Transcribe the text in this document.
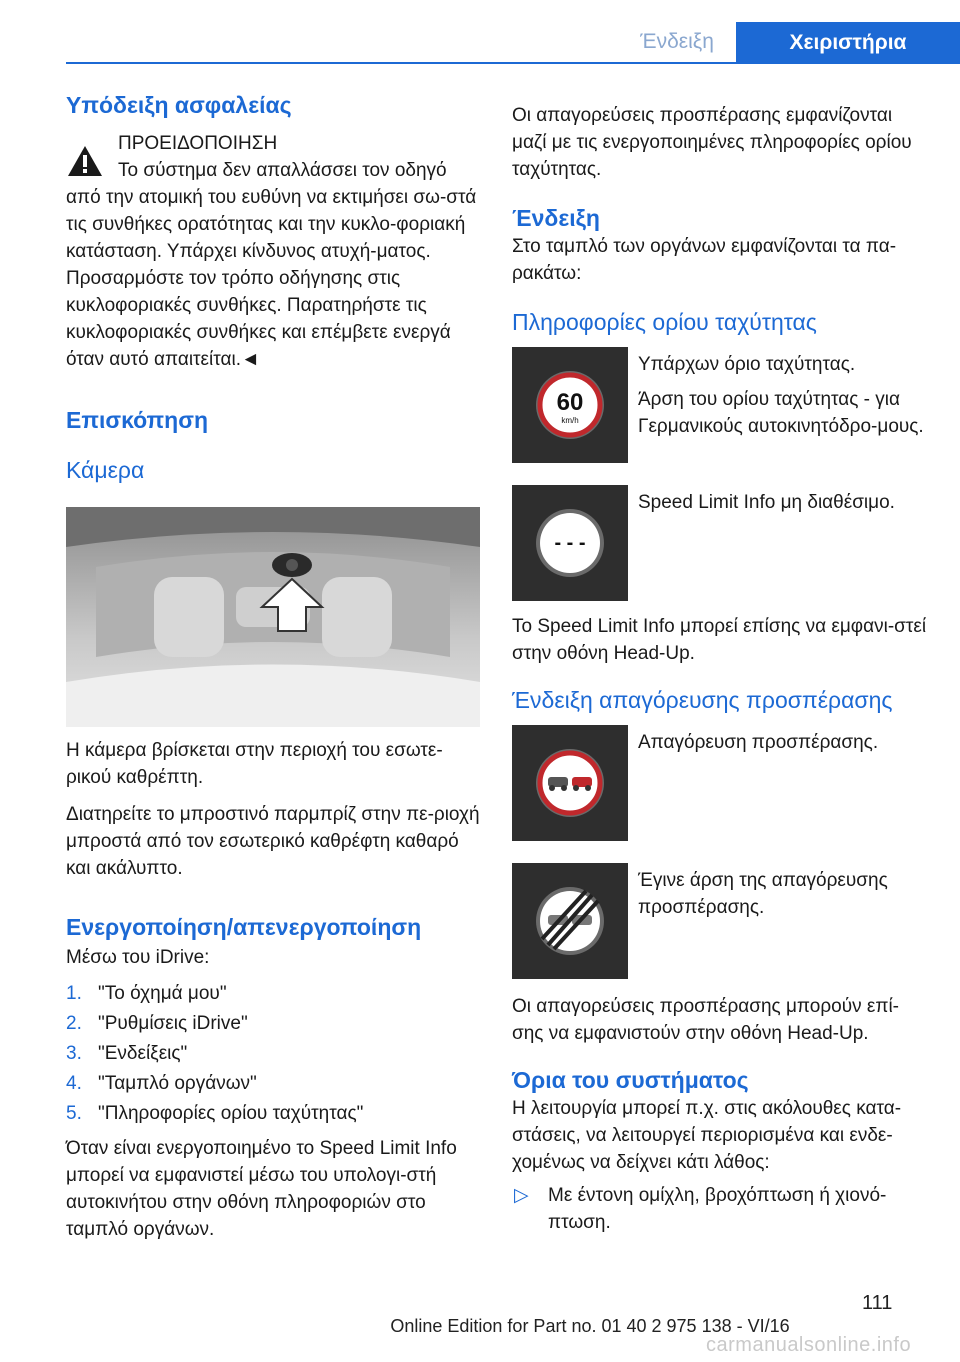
Ένδειξη	Χειριστήρια
Υπόδειξη ασφαλείας

ΠΡΟΕΙΔΟΠΟΙΗΣΗ

Το σύστημα δεν απαλλάσσει τον οδηγό

από την ατομική του ευθύνη να εκτιμήσει σω-στά τις συνθήκες ορατότητας και την κυκλο-φοριακή κατάσταση. Υπάρχει κίνδυνος ατυχή-ματος. Προσαρμόστε τον τρόπο οδήγησης στις κυκλοφοριακές συνθήκες. Παρατηρήστε τις κυκλοφοριακές συνθήκες και επέμβετε ενεργά όταν αυτό απαιτείται.◄

Επισκόπηση
Κάμερα

Η κάμερα βρίσκεται στην περιοχή του εσωτε-ρικού καθρέπτη.

Διατηρείτε το μπροστινό παρμπρίζ στην πε-ριοχή μπροστά από τον εσωτερικό καθρέφτη καθαρό και ακάλυπτο.

Ενεργοποίηση/απενεργοποίηση

Μέσω του iDrive:

1. "Το όχημά μου"
2. "Ρυθμίσεις iDrive"
3. "Ενδείξεις"
4. "Ταμπλό οργάνων"
5. "Πληροφορίες ορίου ταχύτητας"

Όταν είναι ενεργοποιημένο το Speed Limit Info μπορεί να εμφανιστεί μέσω του υπολογι-στή αυτοκινήτου στην οθόνη πληροφοριών στο ταμπλό οργάνων.

Οι απαγορεύσεις προσπέρασης εμφανίζονται μαζί με τις ενεργοποιημένες πληροφορίες ορίου ταχύτητας.

Ένδειξη

Στο ταμπλό των οργάνων εμφανίζονται τα πα-ρακάτω:

Πληροφορίες ορίου ταχύτητας
60
km/h

Υπάρχων όριο ταχύτητας.

Άρση του ορίου ταχύτητας - για Γερμανικούς αυτοκινητόδρο-μους.

- - -

Speed Limit Info μη διαθέσιμο.

Το Speed Limit Info μπορεί επίσης να εμφανι-στεί στην οθόνη Head-Up.

Ένδειξη απαγόρευσης προσπέρασης

Απαγόρευση προσπέρασης.

Έγινε άρση της απαγόρευσης προσπέρασης.

Οι απαγορεύσεις προσπέρασης μπορούν επί-σης να εμφανιστούν στην οθόνη Head-Up.

Όρια του συστήματος

Η λειτουργία μπορεί π.χ. στις ακόλουθες κατα-στάσεις, να λειτουργεί περιορισμένα και ενδε-χομένως να δείχνει κάτι λάθος:

▷ Με έντονη ομίχλη, βροχόπτωση ή χιονό-πτωση.
111
Online Edition for Part no. 01 40 2 975 138 - VI/16
carmanualsonline.info
